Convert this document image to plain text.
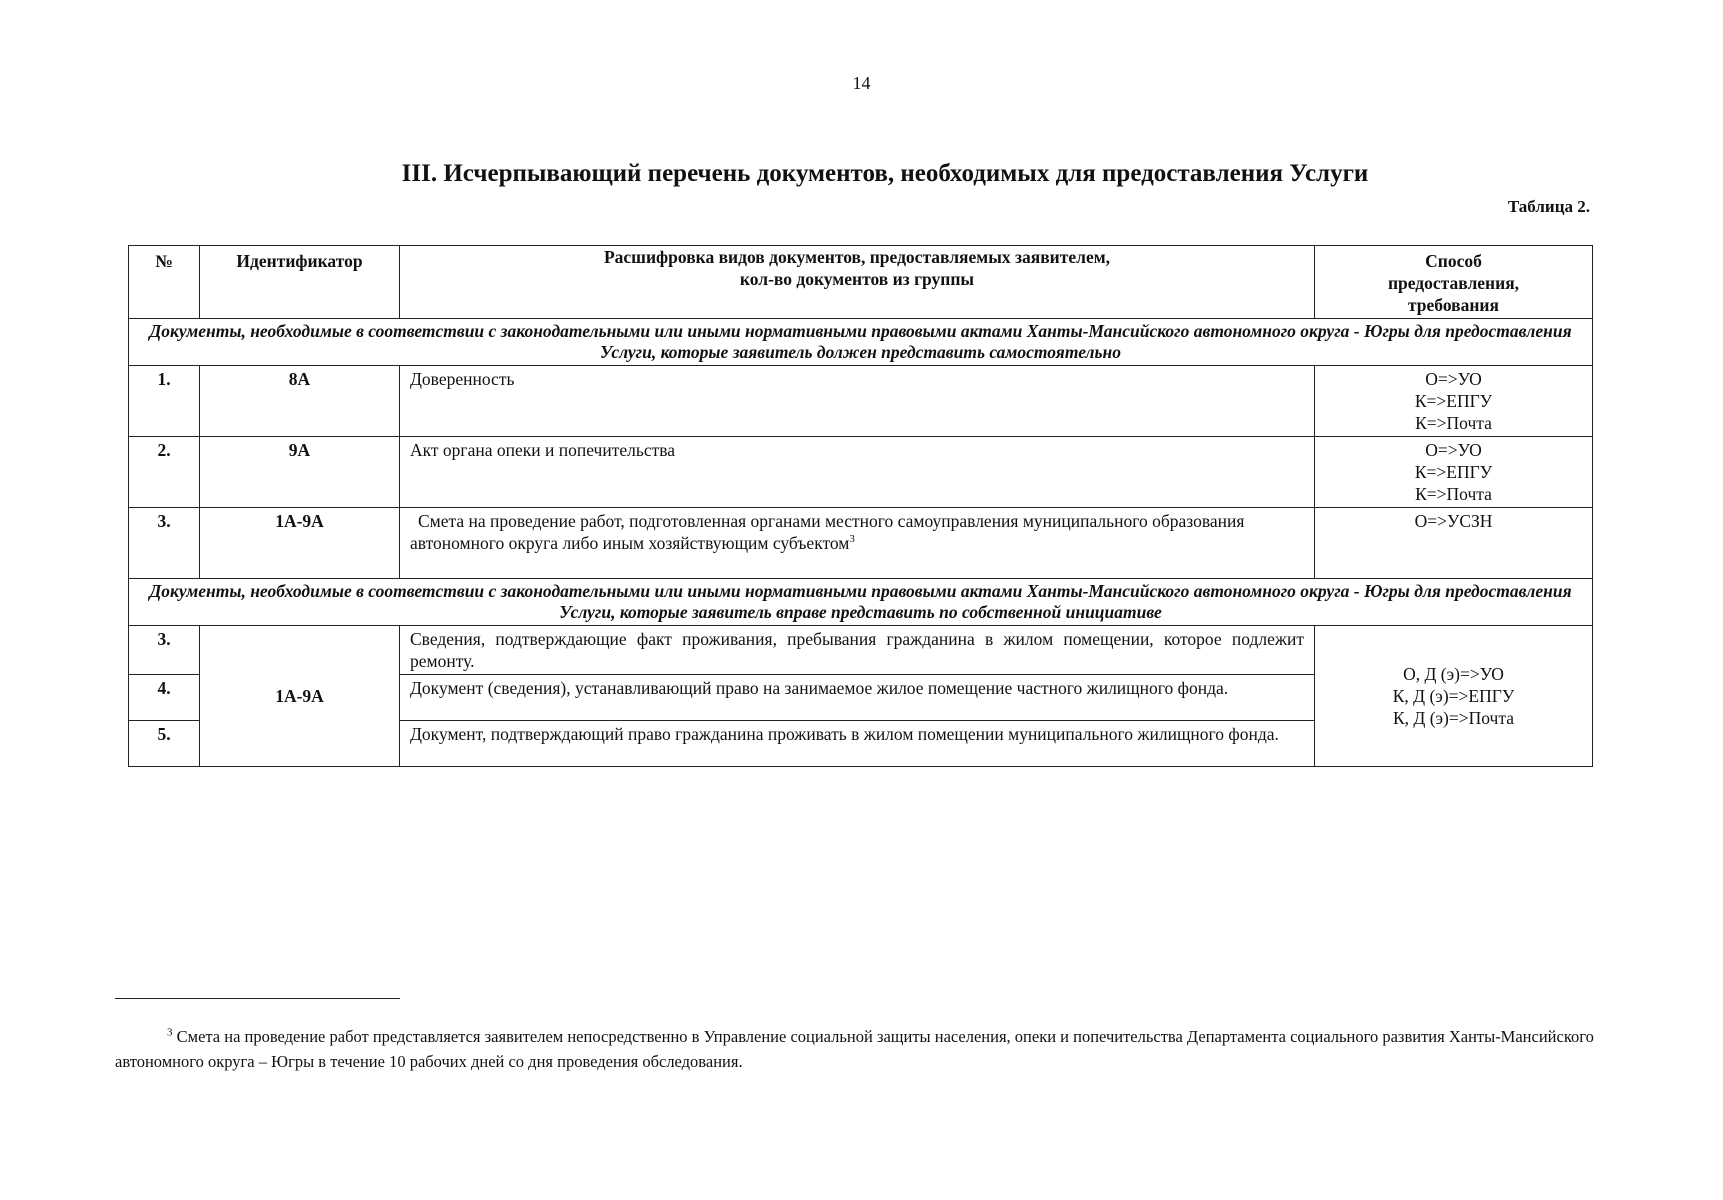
14
III. Исчерпывающий перечень документов, необходимых для предоставления Услуги
Таблица 2.
№	Идентификатор	Расшифровка видов документов, предоставляемых заявителем,
кол-во документов из группы	Способ
предоставления,
требования

Документы, необходимые в соответствии с законодательными или иными нормативными правовыми актами Ханты-Мансийского автономного округа - Югры для предоставления Услуги, которые заявитель должен представить самостоятельно			
1.	8А	Доверенность	О=>УО
К=>ЕПГУ
К=>Почта

2.	9А	Акт органа опеки и попечительства	О=>УО
К=>ЕПГУ
К=>Почта

3.	1А-9А	Смета на проведение работ, подготовленная органами местного самоуправления муниципального образования автономного округа либо иным хозяйствующим субъектом$^3$	О=>УСЗН

Документы, необходимые в соответствии с законодательными или иными нормативными правовыми актами Ханты-Мансийского автономного округа - Югры для предоставления Услуги, которые заявитель вправе представить по собственной инициативе			
3.	1А-9А	Сведения, подтверждающие факт проживания, пребывания гражданина в жилом помещении, которое подлежит ремонту.	О, Д (э)=>УО
К, Д (э)=>ЕПГУ
К, Д (э)=>Почта

4.		Документ (сведения), устанавливающий право на занимаемое жилое помещение частного жилищного фонда.	
5.		Документ, подтверждающий право гражданина проживать в жилом помещении муниципального жилищного фонда.	
$^3$ Смета на проведение работ представляется заявителем непосредственно в Управление социальной защиты населения, опеки и попечительства Департамента социального развития Ханты-Мансийского автономного округа – Югры в течение 10 рабочих дней со дня проведения обследования.
